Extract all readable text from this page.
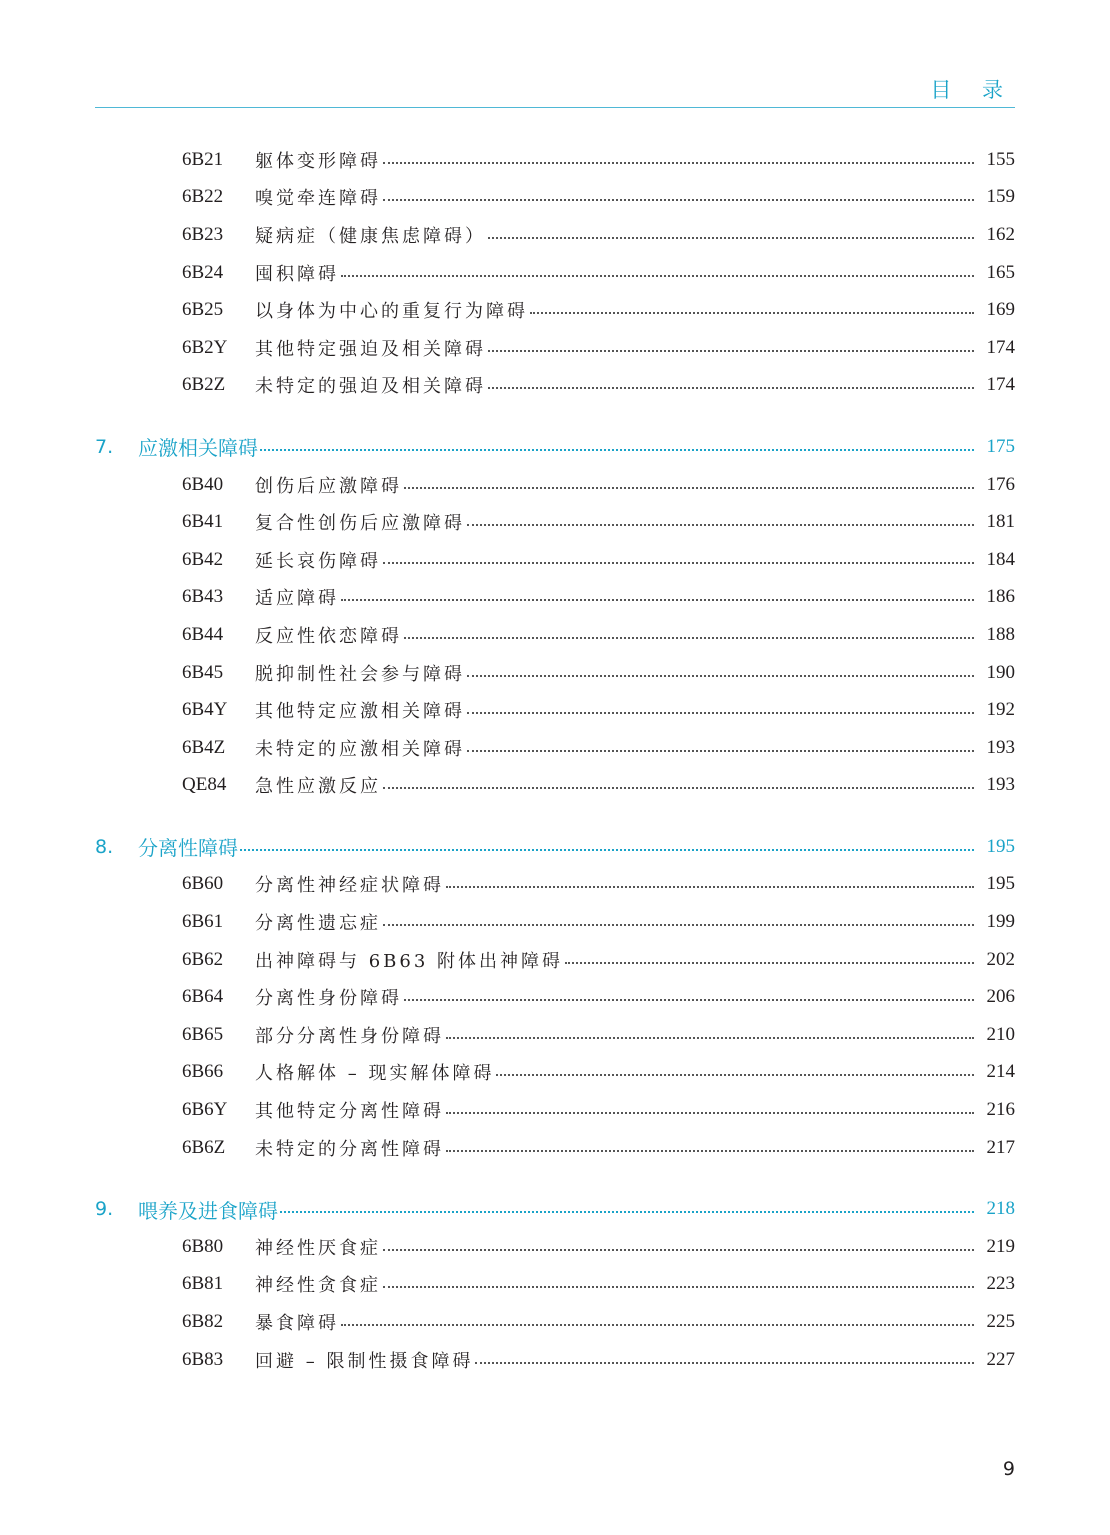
目 录
6B21	躯体变形障碍	155
6B22	嗅觉牵连障碍	159
6B23	疑病症（健康焦虑障碍）	162
6B24	囤积障碍	165
6B25	以身体为中心的重复行为障碍	169
6B2Y	其他特定强迫及相关障碍	174
6B2Z	未特定的强迫及相关障碍	174
7.	应激相关障碍	175
6B40	创伤后应激障碍	176
6B41	复合性创伤后应激障碍	181
6B42	延长哀伤障碍	184
6B43	适应障碍	186
6B44	反应性依恋障碍	188
6B45	脱抑制性社会参与障碍	190
6B4Y	其他特定应激相关障碍	192
6B4Z	未特定的应激相关障碍	193
QE84	急性应激反应	193
8.	分离性障碍	195
6B60	分离性神经症状障碍	195
6B61	分离性遗忘症	199
6B62	出神障碍与 6B63 附体出神障碍	202
6B64	分离性身份障碍	206
6B65	部分分离性身份障碍	210
6B66	人格解体 – 现实解体障碍	214
6B6Y	其他特定分离性障碍	216
6B6Z	未特定的分离性障碍	217
9.	喂养及进食障碍	218
6B80	神经性厌食症	219
6B81	神经性贪食症	223
6B82	暴食障碍	225
6B83	回避 – 限制性摄食障碍	227
9
